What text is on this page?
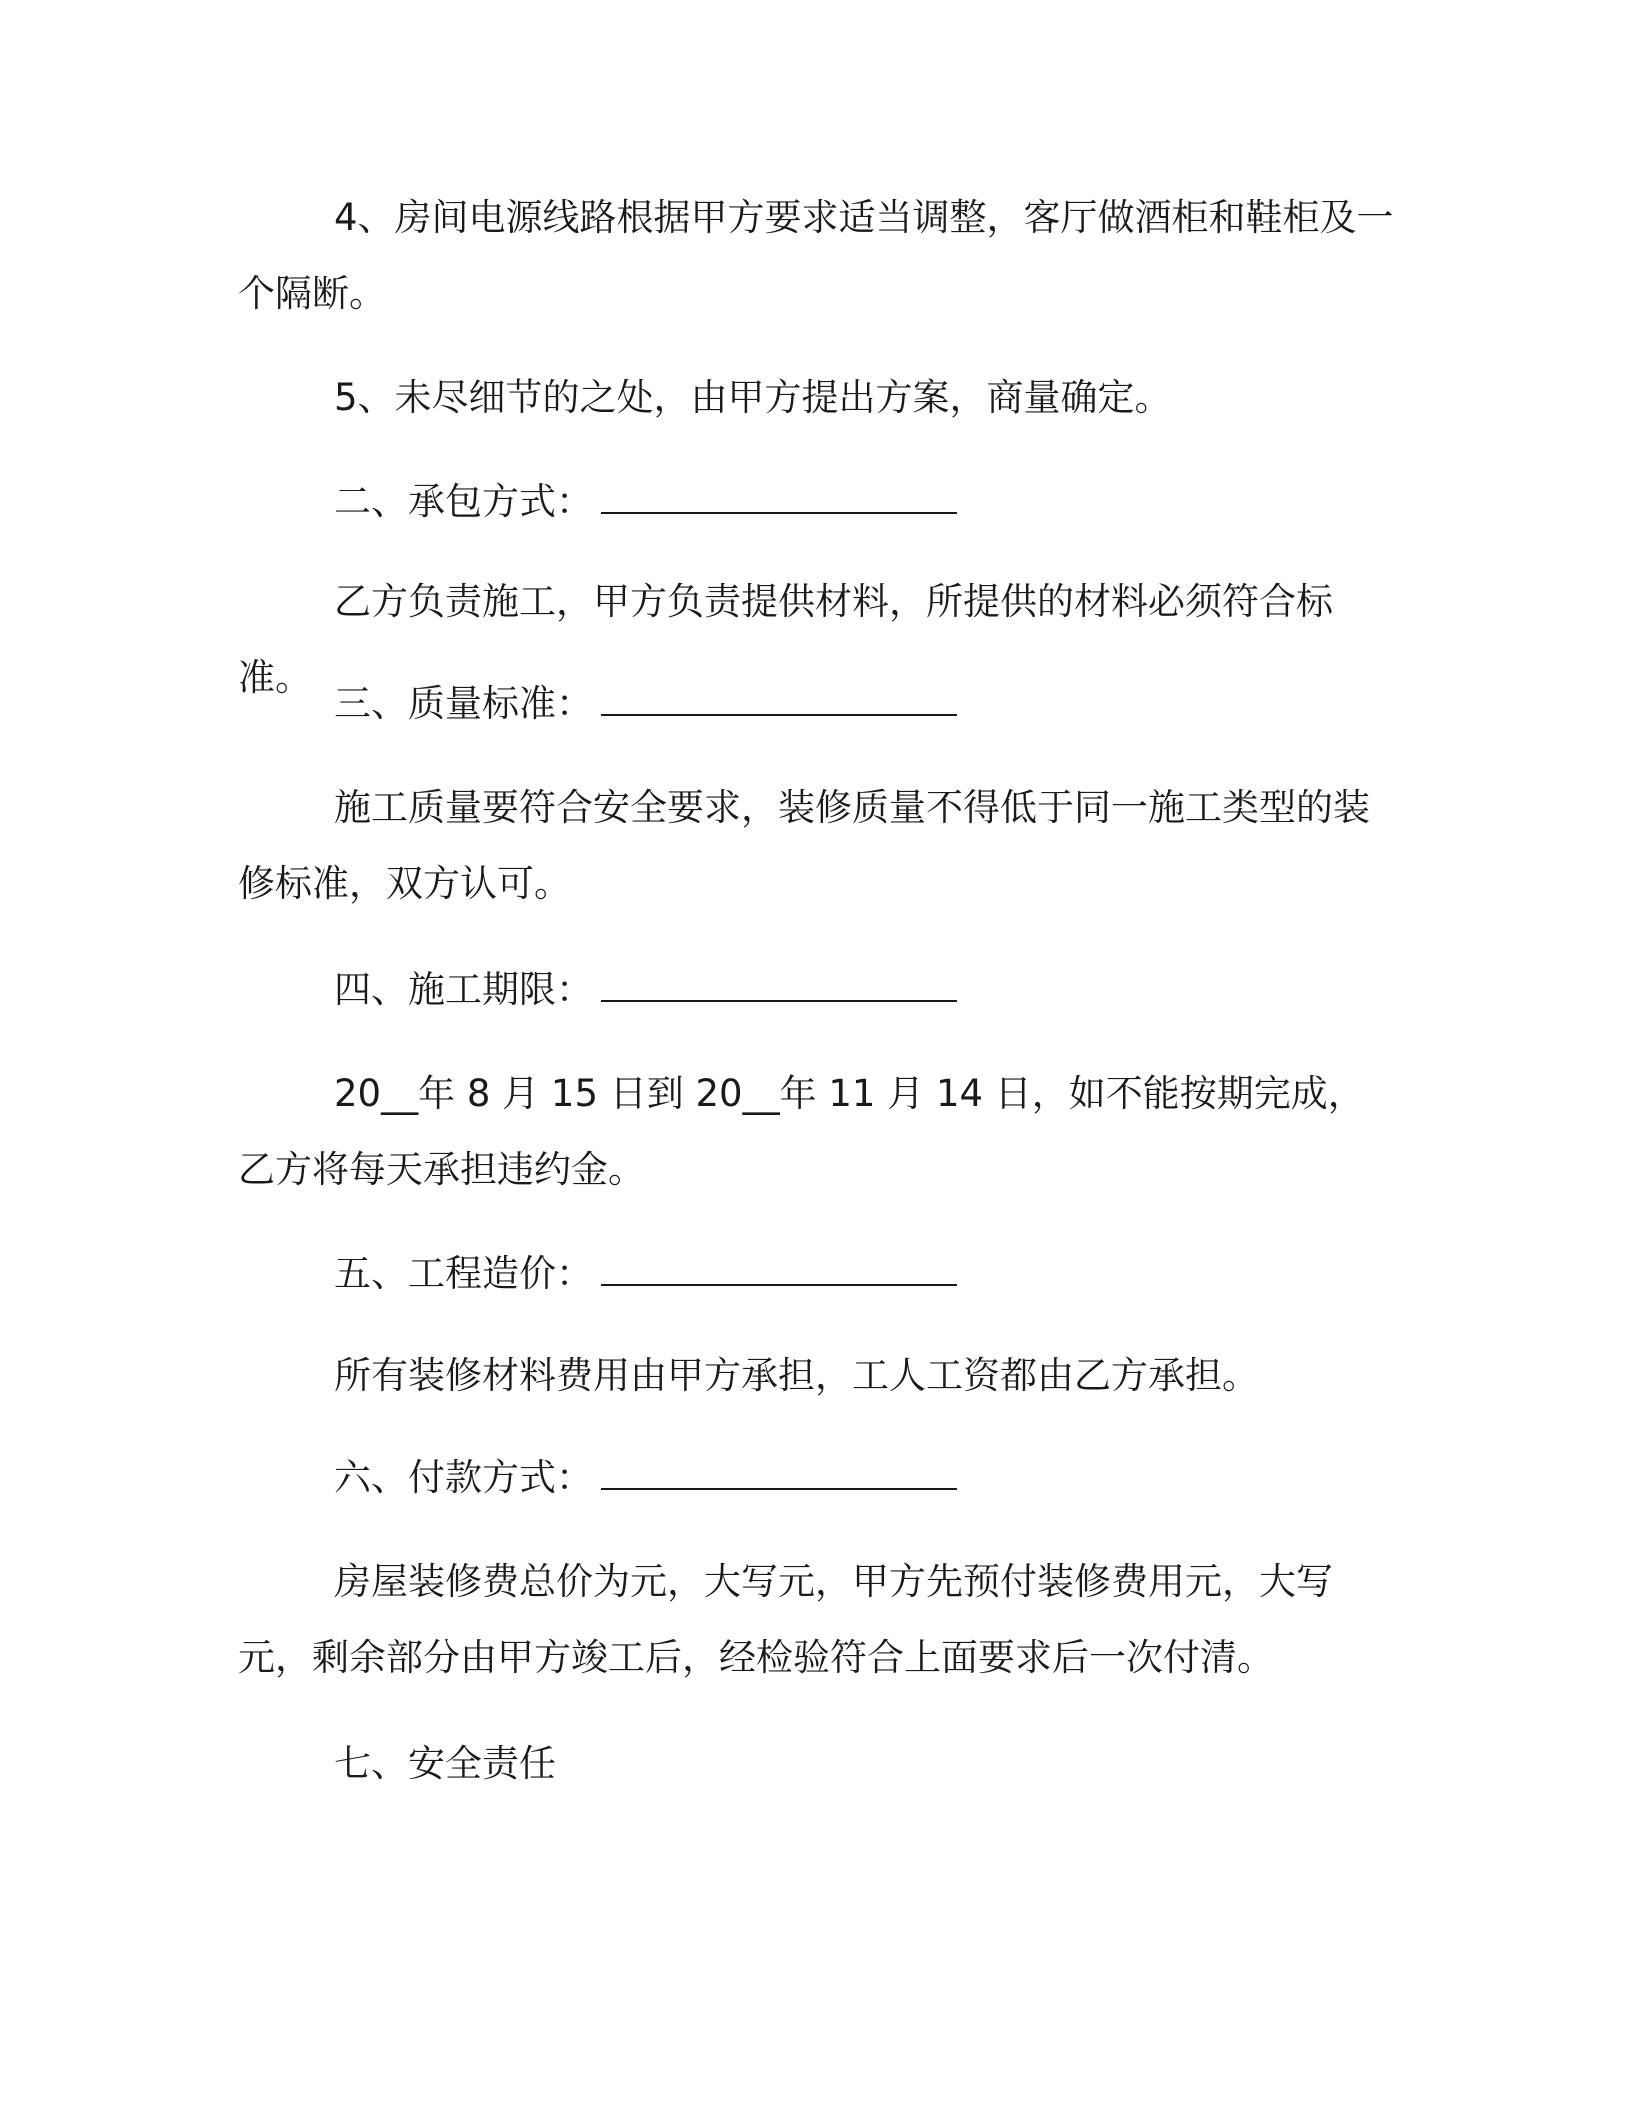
4、房间电源线路根据甲方要求适当调整，客厅做酒柜和鞋柜及一个隔断。

5、未尽细节的之处，由甲方提出方案，商量确定。

二、承包方式：

乙方负责施工，甲方负责提供材料，所提供的材料必须符合标准。

三、质量标准：

施工质量要符合安全要求，装修质量不得低于同一施工类型的装修标准，双方认可。

四、施工期限：

20__年 8 月 15 日到 20__年 11 月 14 日，如不能按期完成，乙方将每天承担违约金。

五、工程造价：

所有装修材料费用由甲方承担，工人工资都由乙方承担。

六、付款方式：

房屋装修费总价为元，大写元，甲方先预付装修费用元，大写元，剩余部分由甲方竣工后，经检验符合上面要求后一次付清。

七、安全责任
